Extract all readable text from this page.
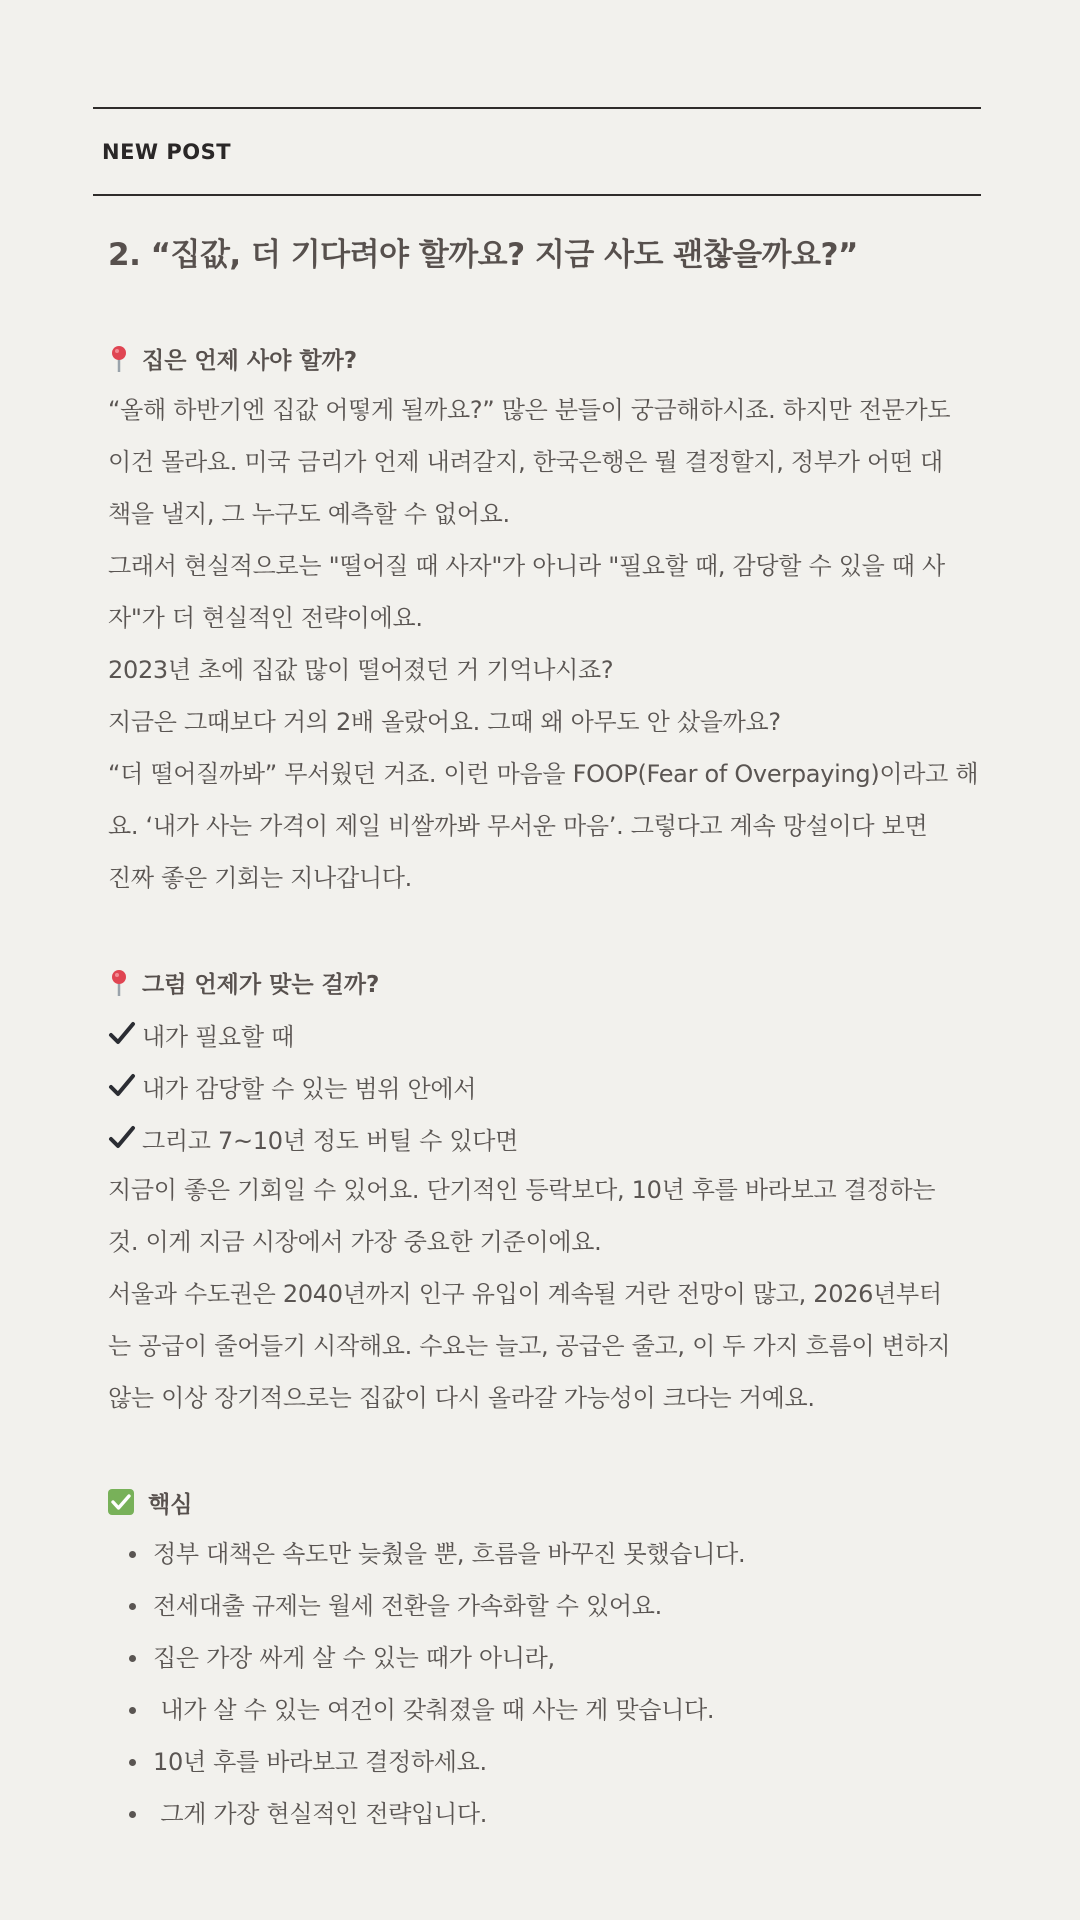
NEW POST
2. “집값, 더 기다려야 할까요? 지금 사도 괜찮을까요?”
집은 언제 사야 할까?

“올해 하반기엔 집값 어떻게 될까요?” 많은 분들이 궁금해하시죠. 하지만 전문가도

이건 몰라요. 미국 금리가 언제 내려갈지, 한국은행은 뭘 결정할지, 정부가 어떤 대

책을 낼지, 그 누구도 예측할 수 없어요.

그래서 현실적으로는 "떨어질 때 사자"가 아니라 "필요할 때, 감당할 수 있을 때 사

자"가 더 현실적인 전략이에요.

2023년 초에 집값 많이 떨어졌던 거 기억나시죠?

지금은 그때보다 거의 2배 올랐어요. 그때 왜 아무도 안 샀을까요?

“더 떨어질까봐” 무서웠던 거죠. 이런 마음을 FOOP(Fear of Overpaying)이라고 해

요. ‘내가 사는 가격이 제일 비쌀까봐 무서운 마음’. 그렇다고 계속 망설이다 보면

진짜 좋은 기회는 지나갑니다.

그럼 언제가 맞는 걸까?
내가 필요할 때
내가 감당할 수 있는 범위 안에서
그리고 7~10년 정도 버틸 수 있다면

지금이 좋은 기회일 수 있어요. 단기적인 등락보다, 10년 후를 바라보고 결정하는

것. 이게 지금 시장에서 가장 중요한 기준이에요.

서울과 수도권은 2040년까지 인구 유입이 계속될 거란 전망이 많고, 2026년부터

는 공급이 줄어들기 시작해요. 수요는 늘고, 공급은 줄고, 이 두 가지 흐름이 변하지

않는 이상 장기적으로는 집값이 다시 올라갈 가능성이 크다는 거예요.

핵심
정부 대책은 속도만 늦췄을 뿐, 흐름을 바꾸진 못했습니다.
전세대출 규제는 월세 전환을 가속화할 수 있어요.
집은 가장 싸게 살 수 있는 때가 아니라,
내가 살 수 있는 여건이 갖춰졌을 때 사는 게 맞습니다.
10년 후를 바라보고 결정하세요.
그게 가장 현실적인 전략입니다.
